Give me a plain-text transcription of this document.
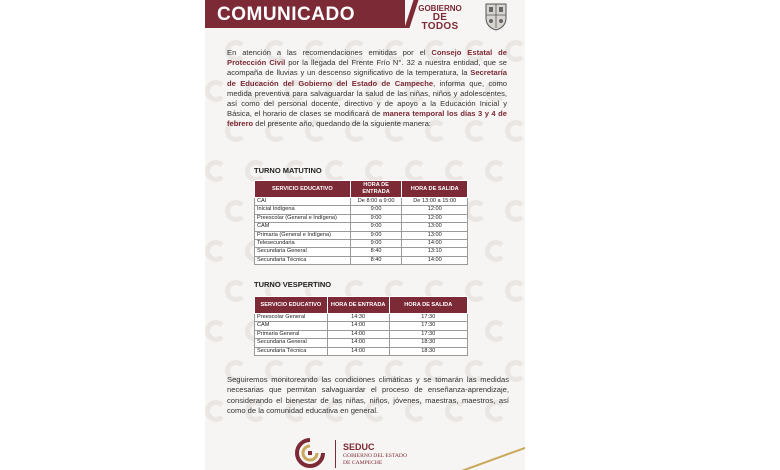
COMUNICADO	GOBIERNO
DE TODOS

En atención a las recomendaciones emitidas por el Consejo Estatal de Protección Civil por la llegada del Frente Frío N°. 32 a nuestra entidad, que se acompaña de lluvias y un descenso significativo de la temperatura, la Secretaría de Educación del Gobierno del Estado de Campeche, informa que, como medida preventiva para salvaguardar la salud de las niñas, niños y adolescentes, así como del personal docente, directivo y de apoyo a la Educación Inicial y Básica, el horario de clases se modificará de manera temporal los días 3 y 4 de febrero del presente año, quedando de la siguiente manera:

TURNO MATUTINO
SERVICIO EDUCATIVO	HORA DE ENTRADA	HORA DE SALIDA
CAI	De 8:00 a 9:00	De 13:00 a 15:00
Inicial Indígena	9:00	12:00
Preescolar (General e Indígena)	9:00	12:00
CAM	9:00	13:00
Primaria (General e Indígena)	9:00	13:00
Telesecundaria	9:00	14:00
Secundaria General	8:40	13:10
Secundaria Técnica	8:40	14:00
TURNO VESPERTINO
SERVICIO EDUCATIVO	HORA DE ENTRADA	HORA DE SALIDA
Preescolar General	14:30	17:30
CAM	14:00	17:30
Primaria General	14:00	17:30
Secundaria General	14:00	18:30
Secundaria Técnica	14:00	18:30

Seguiremos monitoreando las condiciones climáticas y se tomarán las medidas necesarias que permitan salvaguardar el proceso de enseñanza-aprendizaje, considerando el bienestar de las niñas, niños, jóvenes, maestras, maestros, así como de la comunidad educativa en general.

SEDUC
GOBIERNO DEL ESTADO
DE CAMPECHE
